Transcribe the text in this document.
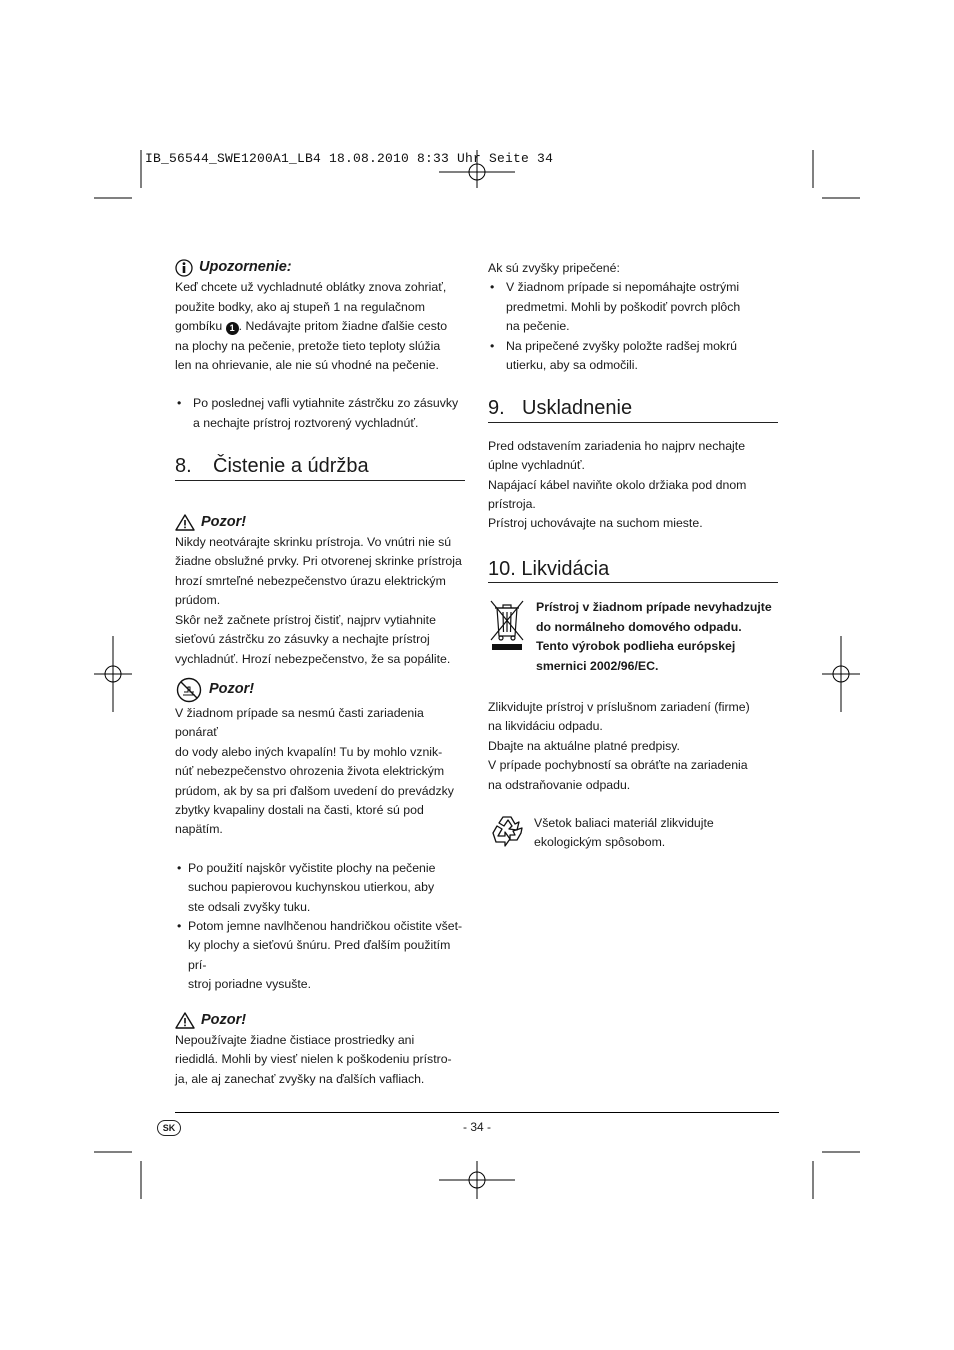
IB_56544_SWE1200A1_LB4 18.08.2010 8:33 Uhr Seite 34
Upozornenie:

Keď chcete už vychladnuté oblátky znova zohriať,

použite bodky, ako aj stupeň 1 na regulačnom

gombíku 1 . Nedávajte pritom žiadne ďalšie cesto

na plochy na pečenie, pretože tieto teploty slúžia

len na ohrievanie, ale nie sú vhodné na pečenie.

• Po poslednej vafli vytiahnite zástrčku zo zásuvky
a nechajte prístroj roztvorený vychladnúť.
8. Čistenie a údržba
Pozor!

Nikdy neotvárajte skrinku prístroja. Vo vnútri nie sú

žiadne obslužné prvky. Pri otvorenej skrinke prístroja

hrozí smrteľné nebezpečenstvo úrazu elektrickým

prúdom.

Skôr než začnete prístroj čistiť, najprv vytiahnite

sieťovú zástrčku zo zásuvky a nechajte prístroj

vychladnúť. Hrozí nebezpečenstvo, že sa popálite.

Pozor!

V žiadnom prípade sa nesmú časti zariadenia ponárať

do vody alebo iných kvapalín! Tu by mohlo vznik-

núť nebezpečenstvo ohrozenia života elektrickým

prúdom, ak by sa pri ďalšom uvedení do prevádzky

zbytky kvapaliny dostali na časti, ktoré sú pod

napätím.

• Po použití najskôr vyčistite plochy na pečenie
suchou papierovou kuchynskou utierkou, aby
ste odsali zvyšky tuku.
• Potom jemne navlhčenou handričkou očistite všet-
ky plochy a sieťovú šnúru. Pred ďalším použitím prí-
stroj poriadne vysušte.
Pozor!

Nepoužívajte žiadne čistiace prostriedky ani

riedidlá. Mohli by viesť nielen k poškodeniu prístro-

ja, ale aj zanechať zvyšky na ďalších vafliach.

Ak sú zvyšky pripečené:

• V žiadnom prípade si nepomáhajte ostrými
predmetmi. Mohli by poškodiť povrch plôch
na pečenie.
• Na pripečené zvyšky položte radšej mokrú
utierku, aby sa odmočili.
9. Uskladnenie

Pred odstavením zariadenia ho najprv nechajte

úplne vychladnúť.

Napájací kábel naviňte okolo držiaka pod dnom

prístroja.

Prístroj uchovávajte na suchom mieste.

10. Likvidácia

Prístroj v žiadnom prípade nevyhadzujte

do normálneho domového odpadu.

Tento výrobok podlieha európskej

smernici 2002/96/EC.

Zlikvidujte prístroj v príslušnom zariadení (firme)

na likvidáciu odpadu.

Dbajte na aktuálne platné predpisy.

V prípade pochybností sa obráťte na zariadenia

na odstraňovanie odpadu.

Všetok baliaci materiál zlikvidujte

ekologickým spôsobom.

SK	- 34 -
